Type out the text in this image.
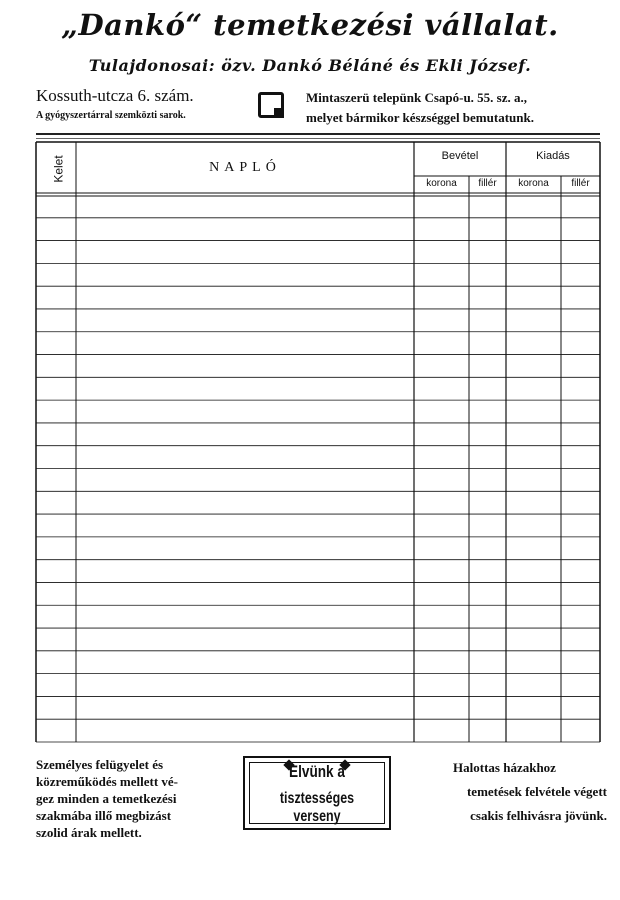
„Dankó“ temetkezési vállalat.
Tulajdonosai: özv. Dankó Béláné és Ekli József.
Kossuth-utcza 6. szám.
A gyógyszertárral szemközti sarok.
Mintaszerü telepünk Csapó-u. 55. sz. a.,
melyet bármikor készséggel bemutatunk.
Kelet	NAPLÓ
Bevétel	Kiadás
korona	fillér	korona	fillér
Személyes felügyelet és
közreműködés mellett vé-
gez minden a temetkezési
szakmába illő megbizást
szolid árak mellett.
Elvünk a
tisztességes verseny
Halottas házakhoz
temetések felvétele végett
csakis felhivásra jövünk.
